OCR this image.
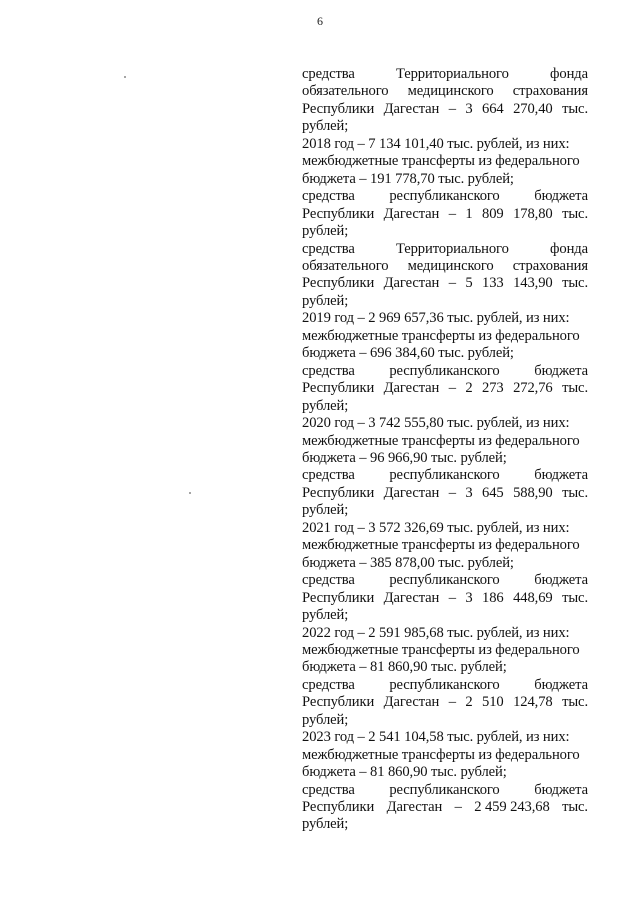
6
средства	Территориального	фонда
обязательного медицинского страхования
Республики Дагестан – 3 664 270,40 тыс.
рублей;
2018 год – 7 134 101,40 тыс. рублей, из них:
межбюджетные трансферты из федерального
бюджета – 191 778,70 тыс. рублей;
средства республиканского бюджета
Республики Дагестан – 1 809 178,80 тыс.
рублей;
средства	Территориального	фонда
обязательного медицинского страхования
Республики Дагестан – 5 133 143,90 тыс.
рублей;
2019 год – 2 969 657,36 тыс. рублей, из них:
межбюджетные трансферты из федерального
бюджета – 696 384,60 тыс. рублей;
средства республиканского бюджета
Республики Дагестан – 2 273 272,76 тыс.
рублей;
2020 год – 3 742 555,80 тыс. рублей, из них:
межбюджетные трансферты из федерального
бюджета – 96 966,90 тыс. рублей;
средства республиканского бюджета
Республики Дагестан – 3 645 588,90 тыс.
рублей;
2021 год – 3 572 326,69 тыс. рублей, из них:
межбюджетные трансферты из федерального
бюджета – 385 878,00 тыс. рублей;
средства республиканского бюджета
Республики Дагестан – 3 186 448,69 тыс.
рублей;
2022 год – 2 591 985,68 тыс. рублей, из них:
межбюджетные трансферты из федерального
бюджета – 81 860,90 тыс. рублей;
средства республиканского бюджета
Республики Дагестан – 2 510 124,78 тыс.
рублей;
2023 год – 2 541 104,58 тыс. рублей, из них:
межбюджетные трансферты из федерального
бюджета – 81 860,90 тыс. рублей;
средства республиканского бюджета
Республики Дагестан – 2 459 243,68 тыс.
рублей;
